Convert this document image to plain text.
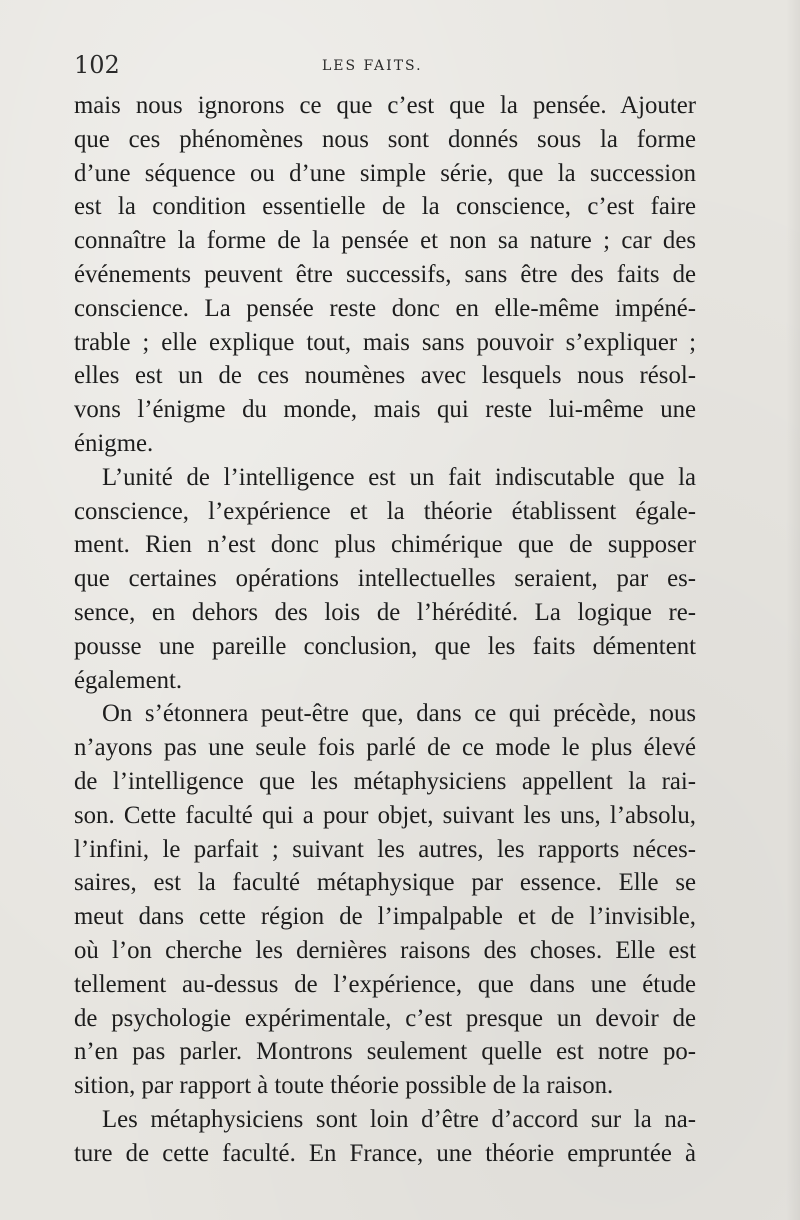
102	LES FAITS.
mais nous ignorons ce que c’est que la pensée. Ajouter
que ces phénomènes nous sont donnés sous la forme
d’une séquence ou d’une simple série, que la succession
est la condition essentielle de la conscience, c’est faire
connaître la forme de la pensée et non sa nature ; car des
événements peuvent être successifs, sans être des faits de
conscience. La pensée reste donc en elle-même impéné-
trable ; elle explique tout, mais sans pouvoir s’expliquer ;
elles est un de ces noumènes avec lesquels nous résol-
vons l’énigme du monde, mais qui reste lui-même une
énigme.
L’unité de l’intelligence est un fait indiscutable que la
conscience, l’expérience et la théorie établissent égale-
ment. Rien n’est donc plus chimérique que de supposer
que certaines opérations intellectuelles seraient, par es-
sence, en dehors des lois de l’hérédité. La logique re-
pousse une pareille conclusion, que les faits démentent
également.
On s’étonnera peut-être que, dans ce qui précède, nous
n’ayons pas une seule fois parlé de ce mode le plus élevé
de l’intelligence que les métaphysiciens appellent la rai-
son. Cette faculté qui a pour objet, suivant les uns, l’absolu,
l’infini, le parfait ; suivant les autres, les rapports néces-
saires, est la faculté métaphysique par essence. Elle se
meut dans cette région de l’impalpable et de l’invisible,
où l’on cherche les dernières raisons des choses. Elle est
tellement au-dessus de l’expérience, que dans une étude
de psychologie expérimentale, c’est presque un devoir de
n’en pas parler. Montrons seulement quelle est notre po-
sition, par rapport à toute théorie possible de la raison.
Les métaphysiciens sont loin d’être d’accord sur la na-
ture de cette faculté. En France, une théorie empruntée à
